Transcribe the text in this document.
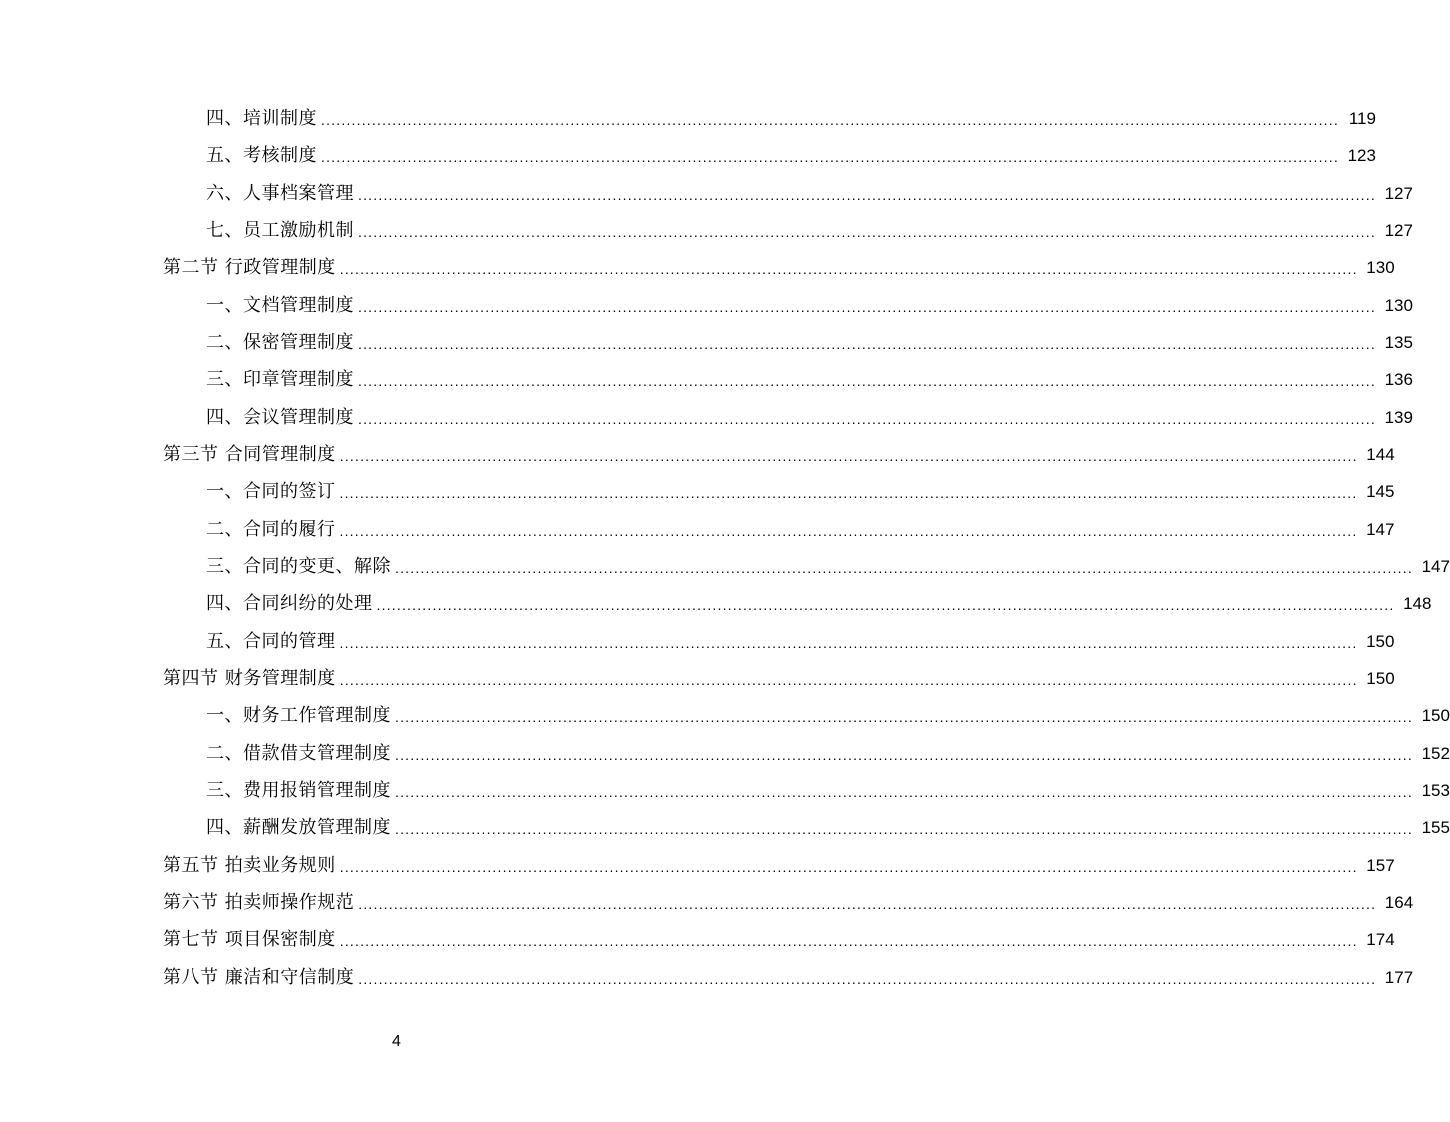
四、培训制度 ........................................................................................................................................................................................................ 119
五、考核制度 ........................................................................................................................................................................................................ 123
六、人事档案管理 ........................................................................................................................................................................................................ 127
七、员工激励机制 ........................................................................................................................................................................................................ 127
第二节 行政管理制度 ........................................................................................................................................................................................................ 130
一、文档管理制度 ........................................................................................................................................................................................................ 130
二、保密管理制度 ........................................................................................................................................................................................................ 135
三、印章管理制度 ........................................................................................................................................................................................................ 136
四、会议管理制度 ........................................................................................................................................................................................................ 139
第三节 合同管理制度 ........................................................................................................................................................................................................ 144
一、合同的签订 ........................................................................................................................................................................................................ 145
二、合同的履行 ........................................................................................................................................................................................................ 147
三、合同的变更、解除 ........................................................................................................................................................................................................ 147
四、合同纠纷的处理 ........................................................................................................................................................................................................ 148
五、合同的管理 ........................................................................................................................................................................................................ 150
第四节 财务管理制度 ........................................................................................................................................................................................................ 150
一、财务工作管理制度 ........................................................................................................................................................................................................ 150
二、借款借支管理制度 ........................................................................................................................................................................................................ 152
三、费用报销管理制度 ........................................................................................................................................................................................................ 153
四、薪酬发放管理制度 ........................................................................................................................................................................................................ 155
第五节 拍卖业务规则 ........................................................................................................................................................................................................ 157
第六节 拍卖师操作规范 ........................................................................................................................................................................................................ 164
第七节 项目保密制度 ........................................................................................................................................................................................................ 174
第八节 廉洁和守信制度 ........................................................................................................................................................................................................ 177
4
